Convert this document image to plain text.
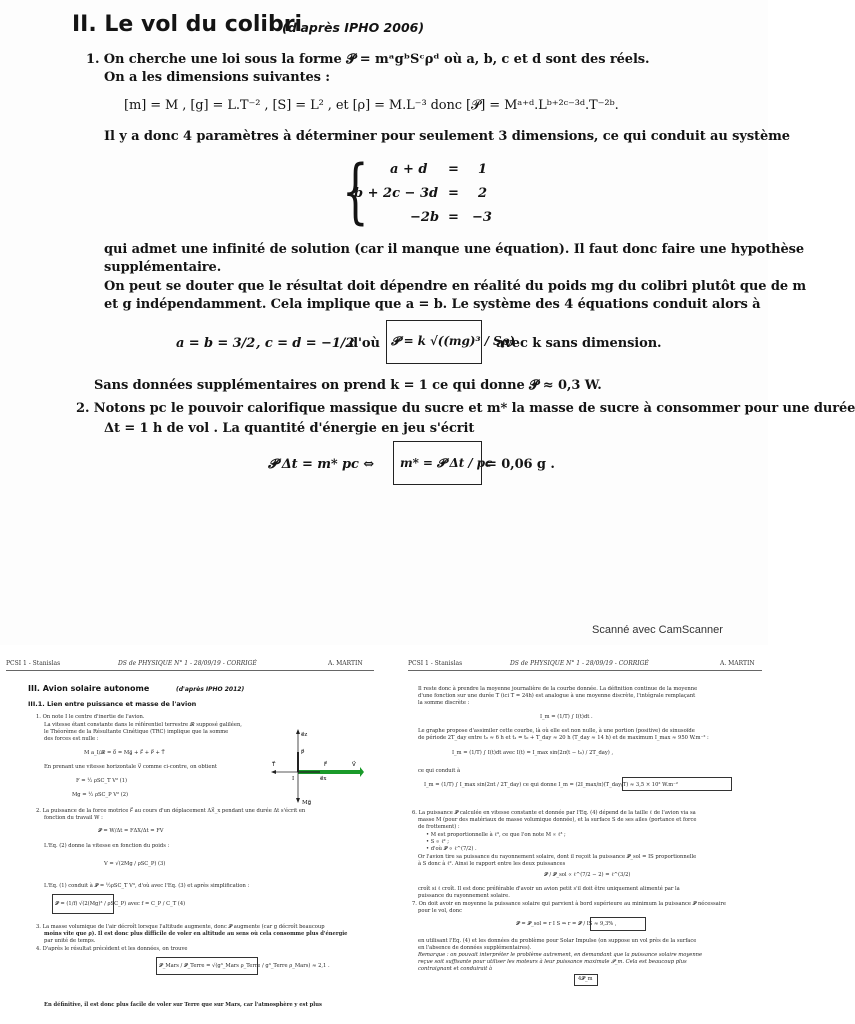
II. Le vol du colibri
(d'après IPHO 2006)
1. On cherche une loi sous la forme 𝓟 = mᵃgᵇSᶜρᵈ où a, b, c et d sont des réels.
On a les dimensions suivantes :
[m] = M , [g] = L.T⁻² , [S] = L² , et [ρ] = M.L⁻³ donc [𝓟] = Mᵃ⁺ᵈ.Lᵇ⁺²ᶜ⁻³ᵈ.T⁻²ᵇ.
Il y a donc 4 paramètres à déterminer pour seulement 3 dimensions, ce qui conduit au système
{ a + d = 1
b + 2c − 3d = 2
−2b = −3
qui admet une infinité de solution (car il manque une équation). Il faut donc faire une hypothèse
supplémentaire.
On peut se douter que le résultat doit dépendre en réalité du poids mg du colibri plutôt que de m
et g indépendamment. Cela implique que a = b. Le système des 4 équations conduit alors à
a = b = 3/2 , c = d = −1/2
d'où 𝓟 = k √((mg)³ / Sρ)
avec k sans dimension.
Sans données supplémentaires on prend k = 1 ce qui donne 𝓟 ≈ 0,3 W.
2. Notons pc le pouvoir calorifique massique du sucre et m* la masse de sucre à consommer pour une durée
Δt = 1 h de vol . La quantité d'énergie en jeu s'écrit
𝓟 Δt = m* pc ⇔ m* = 𝓟 Δt / pc
= 0,06 g .
Scanné avec CamScanner
PCSI 1 - Stanislas	DS de PHYSIQUE N° 1 - 28/09/19 - CORRIGÉ	A. MARTIN
III. Avion solaire autonome	(d'après IPHO 2012)
III.1. Lien entre puissance et masse de l'avion
1. On note I le centre d'inertie de l'avion.
La vitesse étant constante dans le référentiel terrestre 𝓡 supposé galiléen,
le Théorème de la Résultante Cinétique (TRC) implique que la somme
des forces est nulle :
M a_I/𝓡 = 0⃗ = Mg⃗ + F⃗ + P⃗ + T⃗
En prenant une vitesse horizontale V⃗ comme ci-contre, on obtient
F = ½ ρSC_T V² (1)
Mg = ½ ρSC_P V² (2)
e⃗z
P⃗
T⃗	F⃗	V⃗
I	e⃗x
Mg⃗
2. La puissance de la force motrice F⃗ au cours d'un déplacement ΔX⃗_x pendant une durée Δt s'écrit en
fonction du travail W :
𝓟 = W/Δt = FΔX/Δt = FV
L'Eq. (2) donne la vitesse en fonction du poids :
V = √(2Mg / ρSC_P) (3)
L'Eq. (1) conduit à 𝓟 = ½ρSC_T V³, d'où avec l'Eq. (3) et après simplification :
𝓟 = (1/f) √(2(Mg)³ / ρSC_P) avec f = C_P / C_T (4)
3. La masse volumique de l'air décroît lorsque l'altitude augmente, donc 𝓟 augmente (car g décroît beaucoup
moins vite que ρ). Il est donc plus difficile de voler en altitude au sens où cela consomme plus d'énergie
par unité de temps.
4. D'après le résultat précédent et les données, on trouve
𝓟_Mars / 𝓟_Terre = √(g³_Mars ρ_Terre / g³_Terre ρ_Mars) ≈ 2,1 .
En définitive, il est donc plus facile de voler sur Terre que sur Mars, car l'atmosphère y est plus
PCSI 1 - Stanislas	DS de PHYSIQUE N° 1 - 28/09/19 - CORRIGÉ	A. MARTIN
Il reste donc à prendre la moyenne journalière de la courbe donnée. La définition continue de la moyenne
d'une fonction sur une durée T (ici T = 24h) est analogue à une moyenne discrète, l'intégrale remplaçant
la somme discrète :
I_m = (1/T) ∫ I(t)dt .
Le graphe propose d'assimiler cette courbe, là où elle est non nulle, à une portion (positive) de sinusoïde
de période 2T_day entre t₀ ≈ 6 h et t₁ = t₀ + T_day ≈ 20 h (T_day ≈ 14 h) et de maximum I_max ≈ 950 W.m⁻² :
I_m = (1/T) ∫ I(t)dt avec I(t) = I_max sin(2π(t − t₀) / 2T_day) ,
ce qui conduit à
I_m = (1/T) ∫ I_max sin(2πt / 2T_day) ce qui donne I_m = (2I_max/π)(T_day/T) ≈ 3,5 × 10² W.m⁻²
6. La puissance 𝓟 calculée en vitesse constante et donnée par l'Eq. (4) dépend de la taille ℓ de l'avion via sa
masse M (pour des matériaux de masse volumique donnée), et la surface S de ses ailes (portance et force
de frottement) :
• M est proportionnelle à ℓ³, ce que l'on note M ∝ ℓ³ ;
• S ∝ ℓ² ;
• d'où 𝓟 ∝ ℓ^(7/2) .
Or l'avion tire sa puissance du rayonnement solaire, dont il reçoit la puissance 𝓟_sol = IS proportionnelle
à S donc à ℓ². Ainsi le rapport entre les deux puissances
𝓟 / 𝓟_sol ∝ ℓ^(7/2 − 2) = ℓ^(3/2)
croît si ℓ croît. Il est donc préférable d'avoir un avion petit s'il doit être uniquement alimenté par la
puissance du rayonnement solaire.
7. On doit avoir en moyenne la puissance solaire qui parvient à bord supérieure au minimum la puissance 𝓟 nécessaire
pour le vol, donc
𝓟 = 𝓟_sol = r I S ⇒ r = 𝓟 / IS ≈ 9,3% ,
en utilisant l'Eq. (4) et les données du problème pour Solar Impulse (on suppose un vol près de la surface
en l'absence de données supplémentaires).
Remarque : on pouvait interpréter le problème autrement, en demandant que la puissance solaire moyenne
reçue soit suffisante pour utiliser les moteurs à leur puissance maximale 𝓟_m. Cela est beaucoup plus
contraignant et conduirait à
4𝓟_m
